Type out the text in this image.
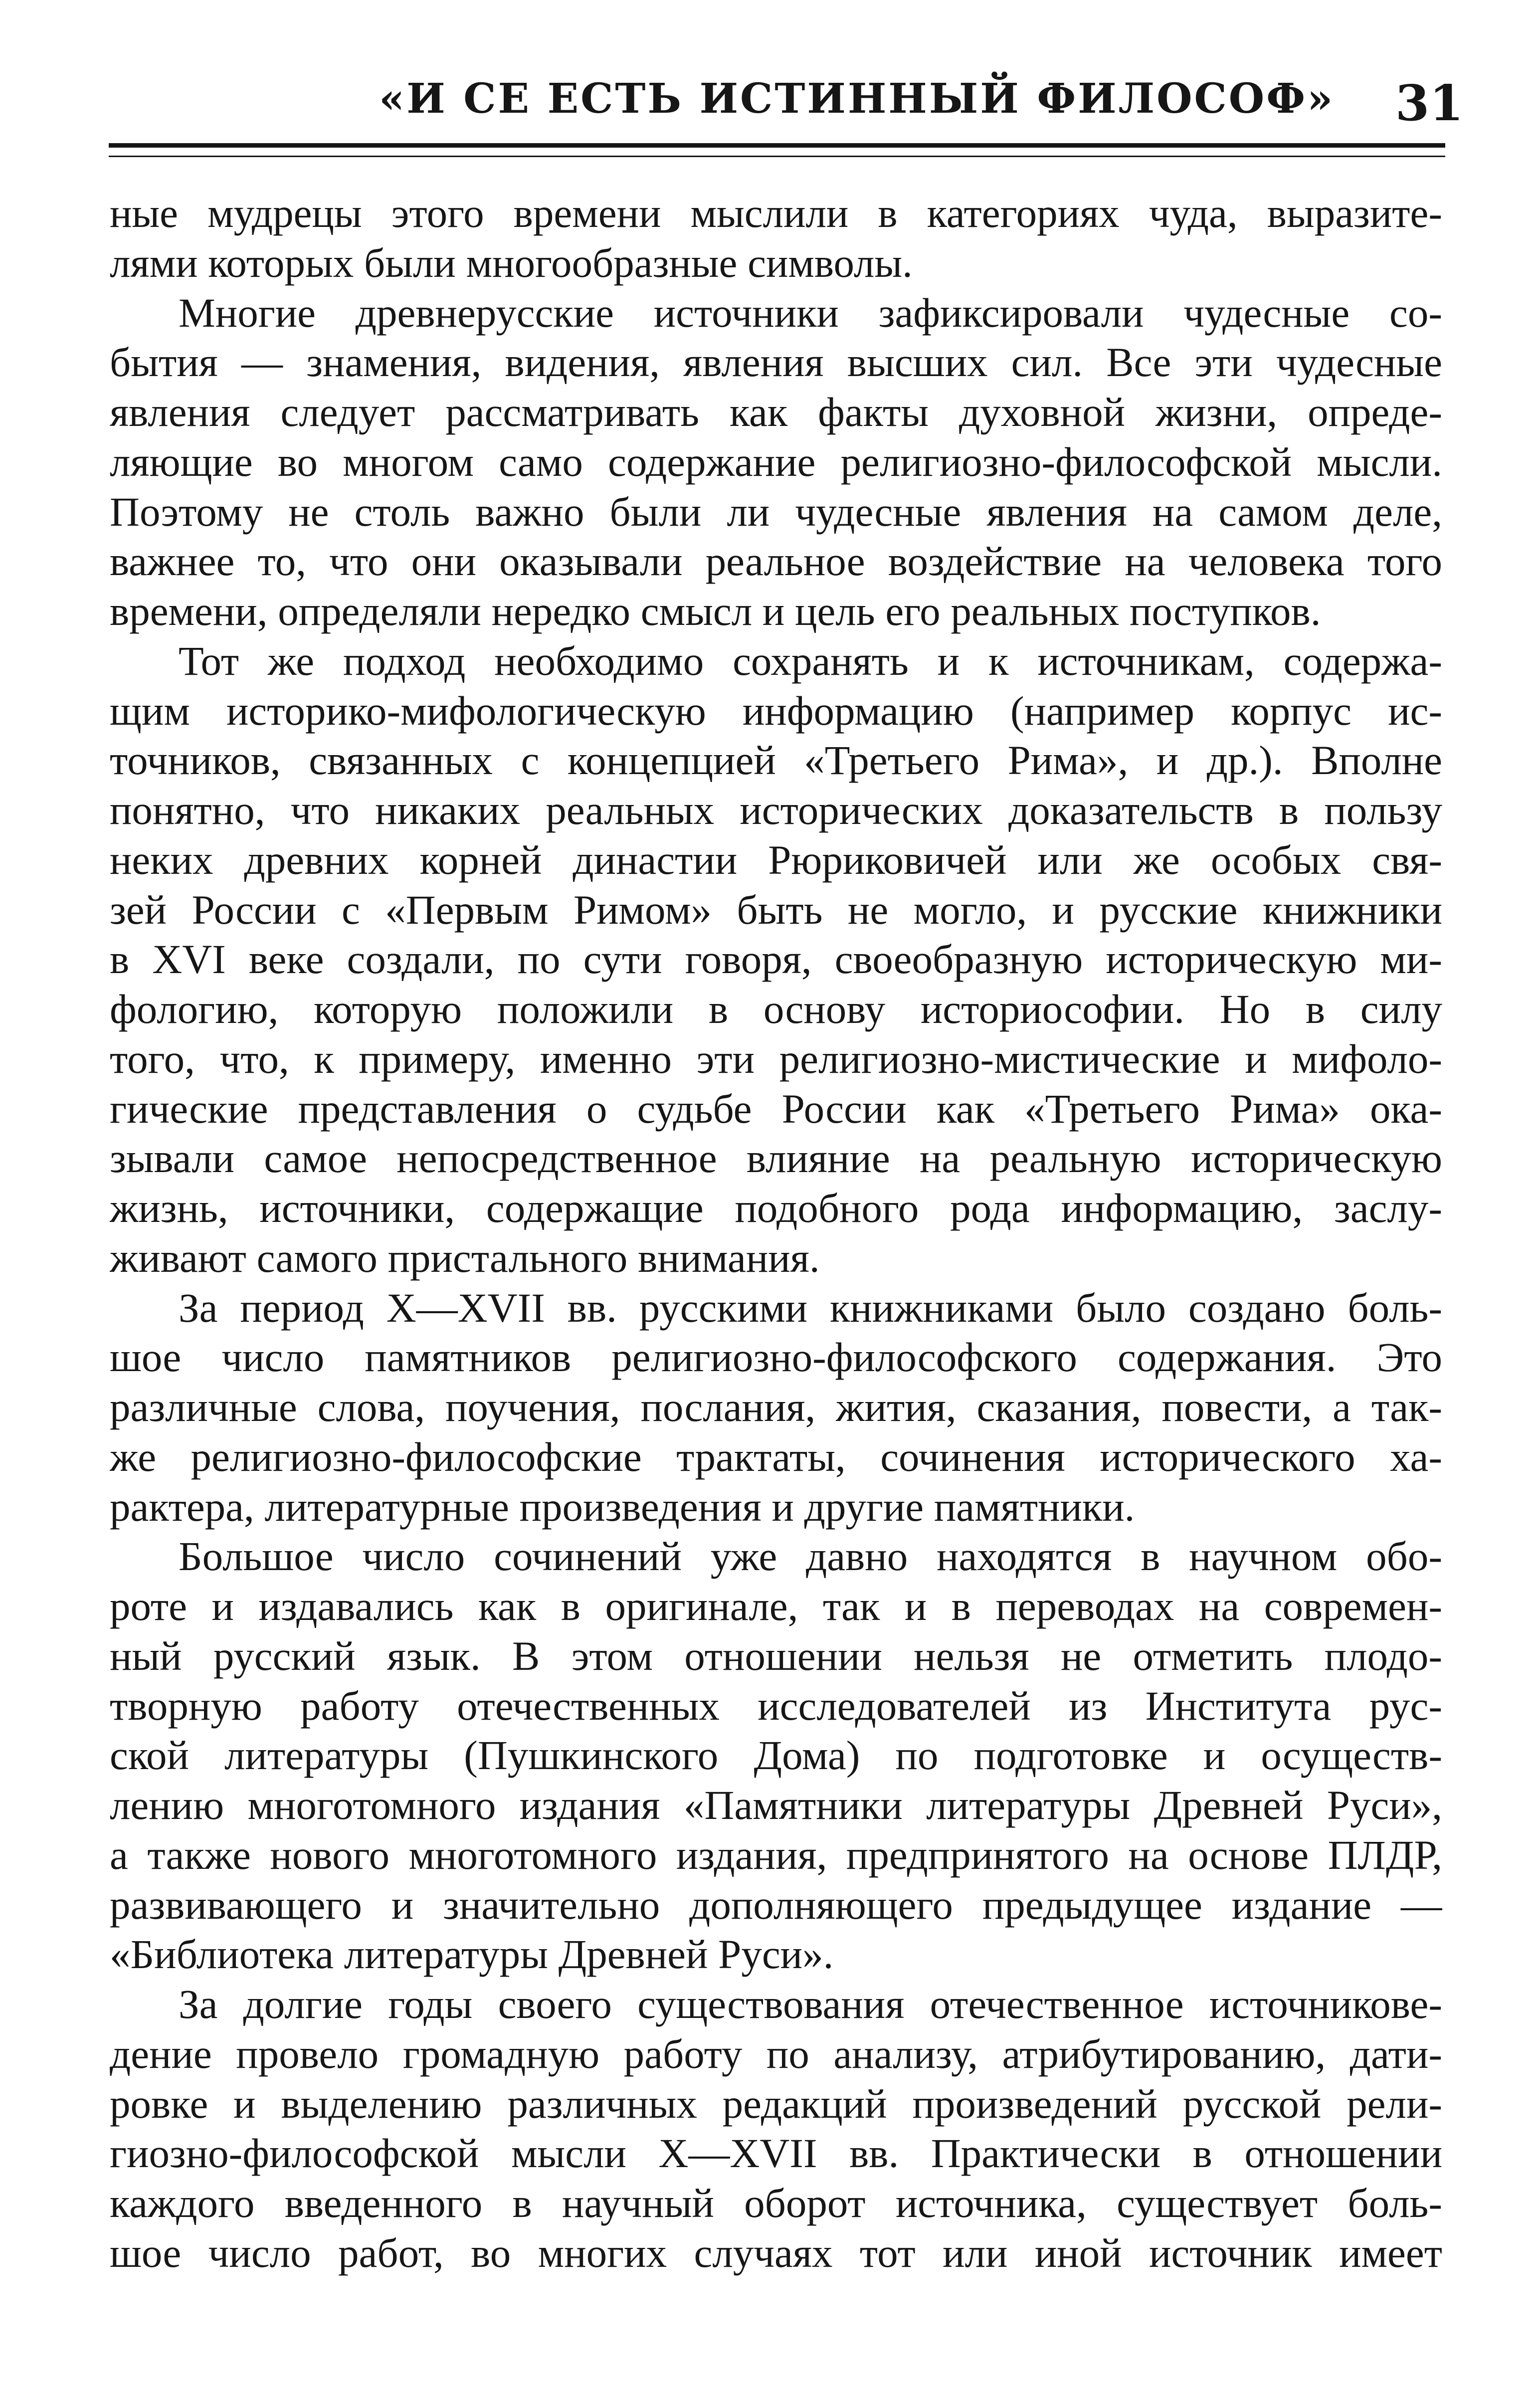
«И СЕ ЕСТЬ ИСТИННЫЙ ФИЛОСОФ» 31
ные мудрецы этого времени мыслили в категориях чуда, выразите-
лями которых были многообразные символы.
Многие древнерусские источники зафиксировали чудесные со-
бытия — знамения, видения, явления высших сил. Все эти чудесные
явления следует рассматривать как факты духовной жизни, опреде-
ляющие во многом само содержание религиозно-философской мысли.
Поэтому не столь важно были ли чудесные явления на самом деле,
важнее то, что они оказывали реальное воздействие на человека того
времени, определяли нередко смысл и цель его реальных поступков.
Тот же подход необходимо сохранять и к источникам, содержа-
щим историко-мифологическую информацию (например корпус ис-
точников, связанных с концепцией «Третьего Рима», и др.). Вполне
понятно, что никаких реальных исторических доказательств в пользу
неких древних корней династии Рюриковичей или же особых свя-
зей России с «Первым Римом» быть не могло, и русские книжники
в XVI веке создали, по сути говоря, своеобразную историческую ми-
фологию, которую положили в основу историософии. Но в силу
того, что, к примеру, именно эти религиозно-мистические и мифоло-
гические представления о судьбе России как «Третьего Рима» ока-
зывали самое непосредственное влияние на реальную историческую
жизнь, источники, содержащие подобного рода информацию, заслу-
живают самого пристального внимания.
За период X—XVII вв. русскими книжниками было создано боль-
шое число памятников религиозно-философского содержания. Это
различные слова, поучения, послания, жития, сказания, повести, а так-
же религиозно-философские трактаты, сочинения исторического ха-
рактера, литературные произведения и другие памятники.
Большое число сочинений уже давно находятся в научном обо-
роте и издавались как в оригинале, так и в переводах на современ-
ный русский язык. В этом отношении нельзя не отметить плодо-
творную работу отечественных исследователей из Института рус-
ской литературы (Пушкинского Дома) по подготовке и осуществ-
лению многотомного издания «Памятники литературы Древней Руси»,
а также нового многотомного издания, предпринятого на основе ПЛДР,
развивающего и значительно дополняющего предыдущее издание —
«Библиотека литературы Древней Руси».
За долгие годы своего существования отечественное источникове-
дение провело громадную работу по анализу, атрибутированию, дати-
ровке и выделению различных редакций произведений русской рели-
гиозно-философской мысли X—XVII вв. Практически в отношении
каждого введенного в научный оборот источника, существует боль-
шое число работ, во многих случаях тот или иной источник имеет
